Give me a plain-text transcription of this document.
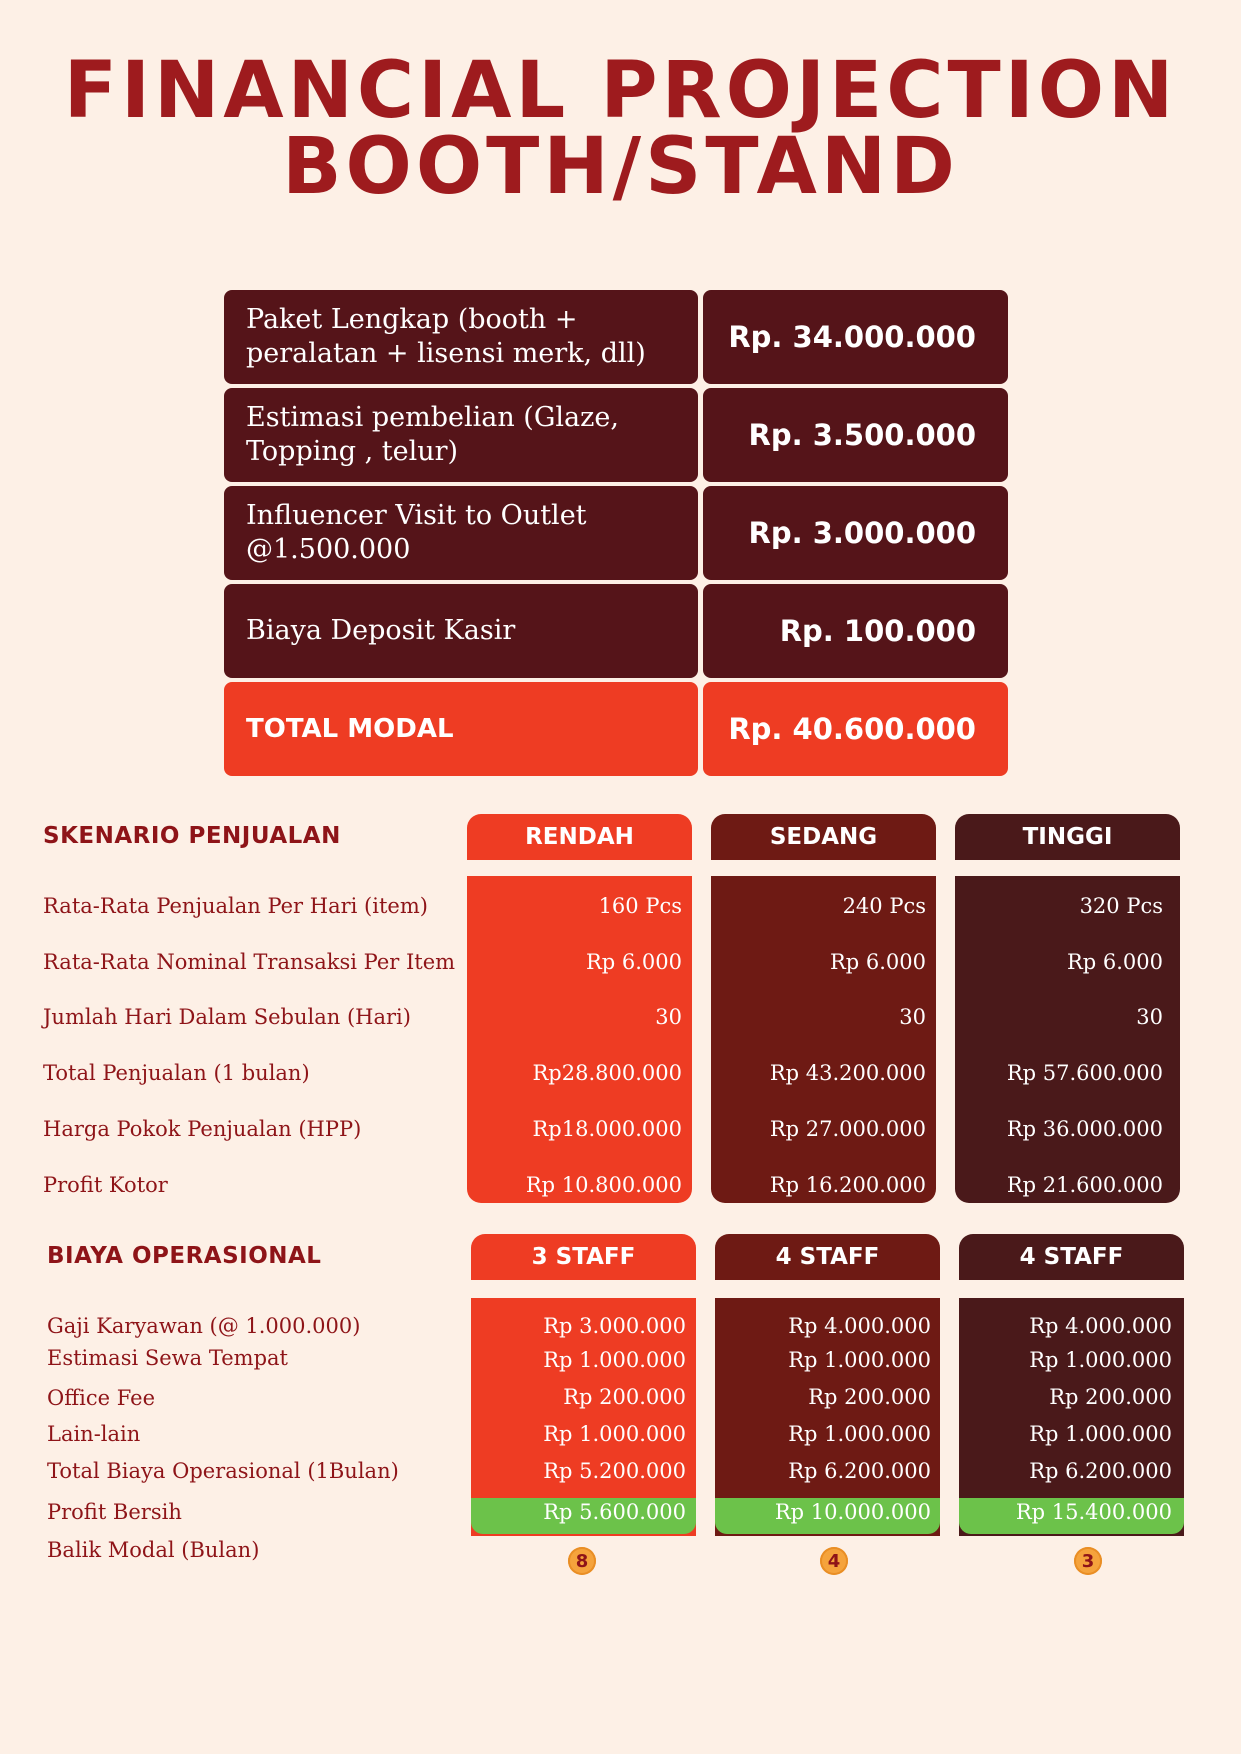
FINANCIAL PROJECTION
BOOTH/STAND
Paket Lengkap (booth + peralatan + lisensi merk, dll)	Rp. 34.000.000
Estimasi pembelian (Glaze, Topping , telur)	Rp. 3.500.000
Influencer Visit to Outlet @1.500.000	Rp. 3.000.000
Biaya Deposit Kasir	Rp. 100.000
TOTAL MODAL	Rp. 40.600.000
SKENARIO PENJUALAN	RENDAH	SEDANG	TINGGI
Rata-Rata Penjualan Per Hari (item)	160 Pcs	240 Pcs	320 Pcs
Rata-Rata Nominal Transaksi Per Item	Rp 6.000	Rp 6.000	Rp 6.000
Jumlah Hari Dalam Sebulan (Hari)	30	30	30
Total Penjualan (1 bulan)	Rp28.800.000	Rp 43.200.000	Rp 57.600.000
Harga Pokok Penjualan (HPP)	Rp18.000.000	Rp 27.000.000	Rp 36.000.000
Profit Kotor	Rp 10.800.000	Rp 16.200.000	Rp 21.600.000
BIAYA OPERASIONAL	3 STAFF	4 STAFF	4 STAFF
Gaji Karyawan (@ 1.000.000)	Rp 3.000.000	Rp 4.000.000	Rp 4.000.000
Estimasi Sewa Tempat	Rp 1.000.000	Rp 1.000.000	Rp 1.000.000
Office Fee	Rp 200.000	Rp 200.000	Rp 200.000
Lain-lain	Rp 1.000.000	Rp 1.000.000	Rp 1.000.000
Total Biaya Operasional (1Bulan)	Rp 5.200.000	Rp 6.200.000	Rp 6.200.000
Profit Bersih	Rp 5.600.000	Rp 10.000.000	Rp 15.400.000
Balik Modal (Bulan)	8	4	3
